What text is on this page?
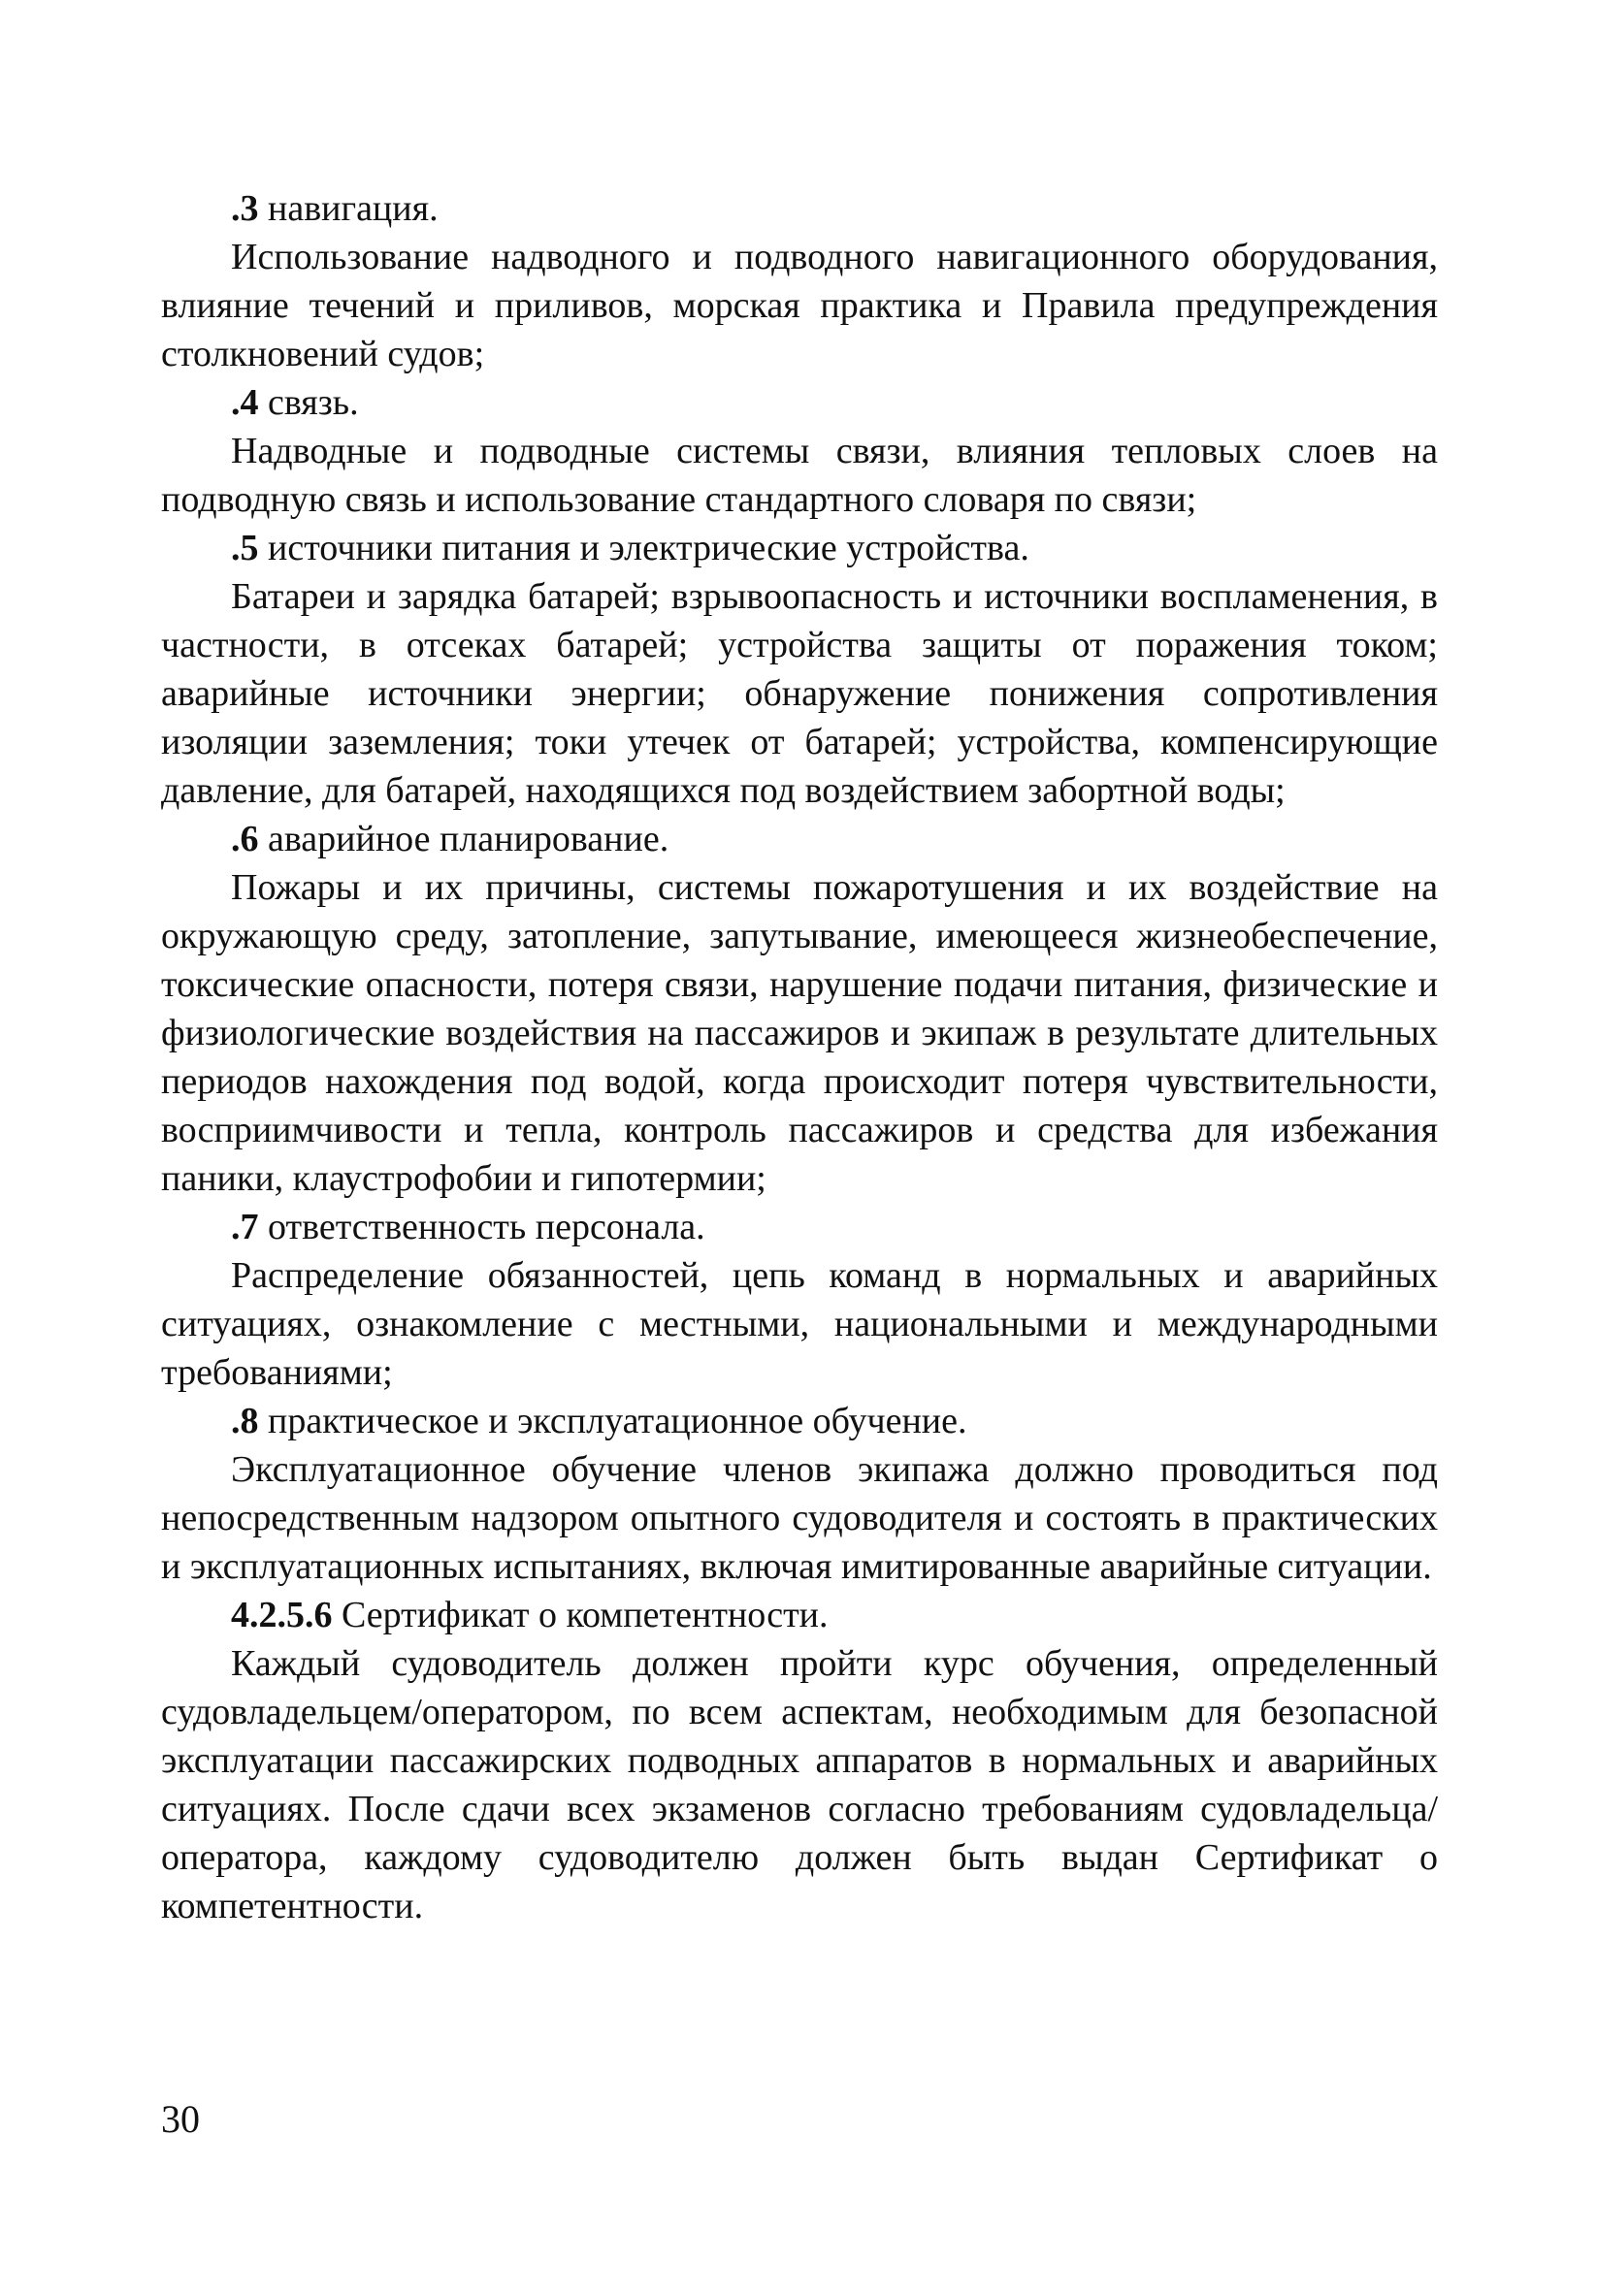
.3 навигация.

Использование надводного и подводного навигационного оборудования, влияние течений и приливов, морская практика и Правила предупреждения столкновений судов;

.4 связь.

Надводные и подводные системы связи, влияния тепловых слоев на подводную связь и использование стандартного словаря по связи;

.5 источники питания и электрические устройства.

Батареи и зарядка батарей; взрывоопасность и источники воспламенения, в частности, в отсеках батарей; устройства защиты от поражения током; аварийные источники энергии; обнаружение понижения сопротивления изоляции заземления; токи утечек от батарей; устройства, компенсирующие давление, для батарей, находящихся под воздействием забортной воды;

.6 аварийное планирование.

Пожары и их причины, системы пожаротушения и их воздействие на окружающую среду, затопление, запутывание, имеющееся жизнеобеспечение, токсические опасности, потеря связи, нарушение подачи питания, физические и физиологические воздействия на пассажиров и экипаж в результате длительных периодов нахождения под водой, когда происходит потеря чувствительности, восприимчивости и тепла, контроль пассажиров и средства для избежания паники, клаустрофобии и гипотермии;

.7 ответственность персонала.

Распределение обязанностей, цепь команд в нормальных и аварийных ситуациях, ознакомление с местными, национальными и международными требованиями;

.8 практическое и эксплуатационное обучение.

Эксплуатационное обучение членов экипажа должно проводиться под непосредственным надзором опытного судоводителя и состоять в практических и эксплуатационных испытаниях, включая имитированные аварийные ситуации.

4.2.5.6 Сертификат о компетентности.

Каждый судоводитель должен пройти курс обучения, определенный судовладельцем/оператором, по всем аспектам, необходимым для безопасной эксплуатации пассажирских подводных аппаратов в нормальных и аварийных ситуациях. После сдачи всех экзаменов согласно требованиям судовладельца/оператора, каждому судоводителю должен быть выдан Сертификат о компетентности.

30
